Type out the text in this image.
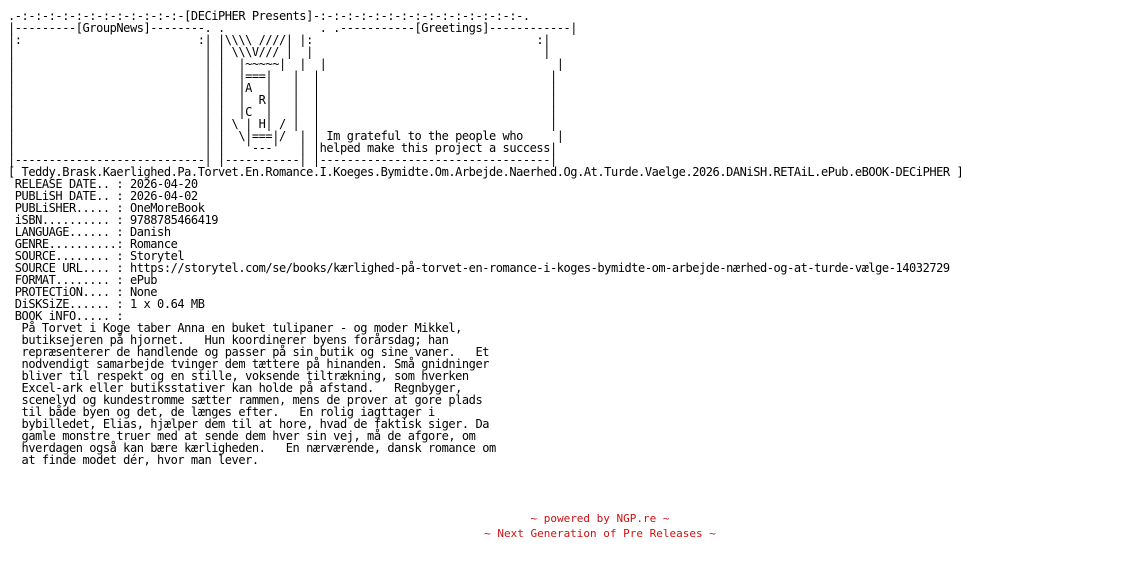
.-:-:-:-:-:-:-:-:-:-:-:-:-[DECiPHER Presents]-:-:-:-:-:-:-:-:-:-:-:-:-:-:-:-.
|---------[GroupNews]--------. .              . .-----------[Greetings]------------|
|:                          :| |\\\\ ////| |:                                 :|
|                            | | \\\V/// |  |                                  |
|                            | |  |~~~~~|  |  |                                  |
|                            | |  |===|   |  |                                  |
|                            | |  |A  |   |  |                                  |
|                            | |  |  R|   |  |                                  |
|                            | |  |C  |   |  |                                  |
|                            | | \ | H| / |  |                                  |
|                            | |  \|===|/  | | Im grateful to the people who     |
|                            | |   '---'   | |helped make this project a success|
|----------------------------| |-----------| |----------------------------------|
[ Teddy.Brask.Kaerlighed.Pa.Torvet.En.Romance.I.Koeges.Bymidte.Om.Arbejde.Naerhed.Og.At.Turde.Vaelge.2026.DANiSH.RETAiL.ePub.eBOOK-DECiPHER ]
RELEASE DATE.. : 2026-04-20
PUBLiSH DATE.. : 2026-04-02
PUBLiSHER..... : OneMoreBook
iSBN.......... : 9788785466419
LANGUAGE...... : Danish
GENRE..........: Romance
SOURCE........ : Storytel
SOURCE URL.... : https://storytel.com/se/books/kærlighed-på-torvet-en-romance-i-koges-bymidte-om-arbejde-nærhed-og-at-turde-vælge-14032729
FORMAT........ : ePub
PROTECTiON.... : None
DiSKSiZE...... : 1 x 0.64 MB
BOOK iNFO..... :
På Torvet i Koge taber Anna en buket tulipaner - og moder Mikkel,
butiksejeren på hjornet.   Hun koordinerer byens forårsdag; han
repræsenterer de handlende og passer på sin butik og sine vaner.   Et
nodvendigt samarbejde tvinger dem tættere på hinanden. Små gnidninger
bliver til respekt og en stille, voksende tiltrækning, som hverken
Excel-ark eller butiksstativer kan holde på afstand.   Regnbyger,
scenelyd og kundestromme sætter rammen, mens de prover at gore plads
til både byen og det, de længes efter.   En rolig iagttager i
bybilledet, Elias, hjælper dem til at hore, hvad de faktisk siger. Da
gamle monstre truer med at sende dem hver sin vej, må de afgore, om
hverdagen også kan bære kærligheden.   En nærværende, dansk romance om
at finde modet dér, hvor man lever.
~ powered by NGP.re ~
~ Next Generation of Pre Releases ~
